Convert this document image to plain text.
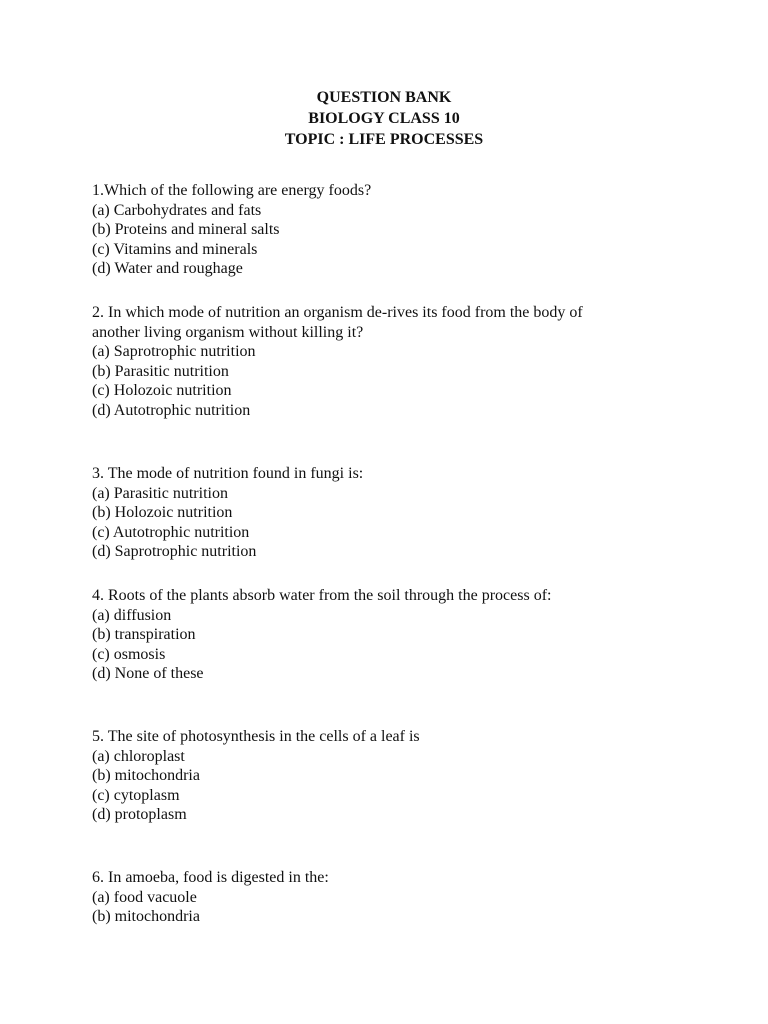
QUESTION BANK
BIOLOGY CLASS 10
TOPIC : LIFE PROCESSES
1.Which of the following are energy foods?
(a) Carbohydrates and fats
(b) Proteins and mineral salts
(c) Vitamins and minerals
(d) Water and roughage
2. In which mode of nutrition an organism de-rives its food from the body of
another living organism without killing it?
(a) Saprotrophic nutrition
(b) Parasitic nutrition
(c) Holozoic nutrition
(d) Autotrophic nutrition
3. The mode of nutrition found in fungi is:
(a) Parasitic nutrition
(b) Holozoic nutrition
(c) Autotrophic nutrition
(d) Saprotrophic nutrition
4. Roots of the plants absorb water from the soil through the process of:
(a) diffusion
(b) transpiration
(c) osmosis
(d) None of these
5. The site of photosynthesis in the cells of a leaf is
(a) chloroplast
(b) mitochondria
(c) cytoplasm
(d) protoplasm
6. In amoeba, food is digested in the:
(a) food vacuole
(b) mitochondria
